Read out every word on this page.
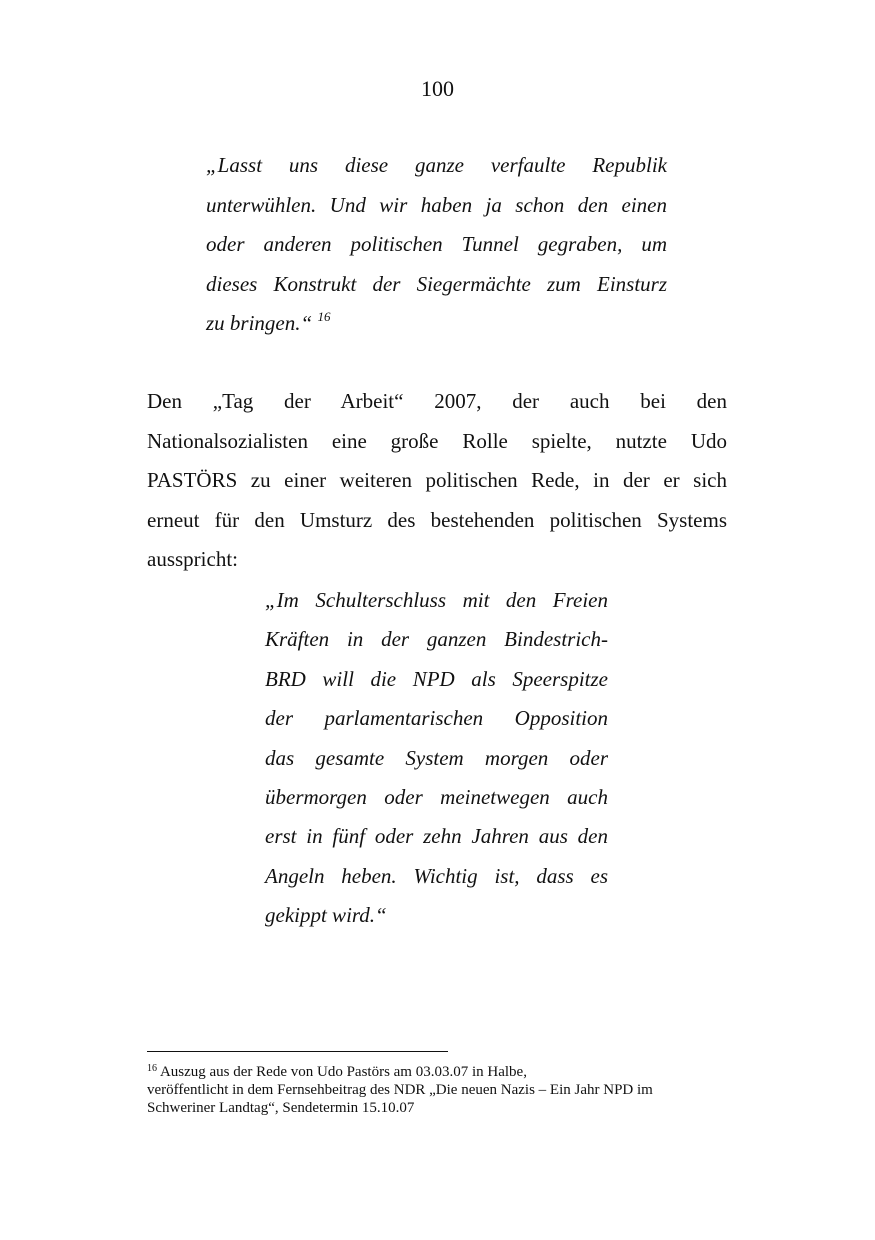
100

„Lasst uns diese ganze verfaulte Republik
unterwühlen. Und wir haben ja schon den einen
oder anderen politischen Tunnel gegraben, um
dieses Konstrukt der Siegermächte zum Einsturz
zu bringen.“ $^{16}$

Den „Tag der Arbeit“ 2007, der auch bei den
Nationalsozialisten eine große Rolle spielte, nutzte Udo
PASTÖRS zu einer weiteren politischen Rede, in der er sich
erneut für den Umsturz des bestehenden politischen Systems
ausspricht:

„Im Schulterschluss mit den Freien
Kräften in der ganzen Bindestrich-
BRD will die NPD als Speerspitze
der parlamentarischen Opposition
das gesamte System morgen oder
übermorgen oder meinetwegen auch
erst in fünf oder zehn Jahren aus den
Angeln heben. Wichtig ist, dass es
gekippt wird.“

$^{16}$ Auszug aus der Rede von Udo Pastörs am 03.03.07 in Halbe,
veröffentlicht in dem Fernsehbeitrag des NDR „Die neuen Nazis – Ein Jahr NPD im
Schweriner Landtag“, Sendetermin 15.10.07
